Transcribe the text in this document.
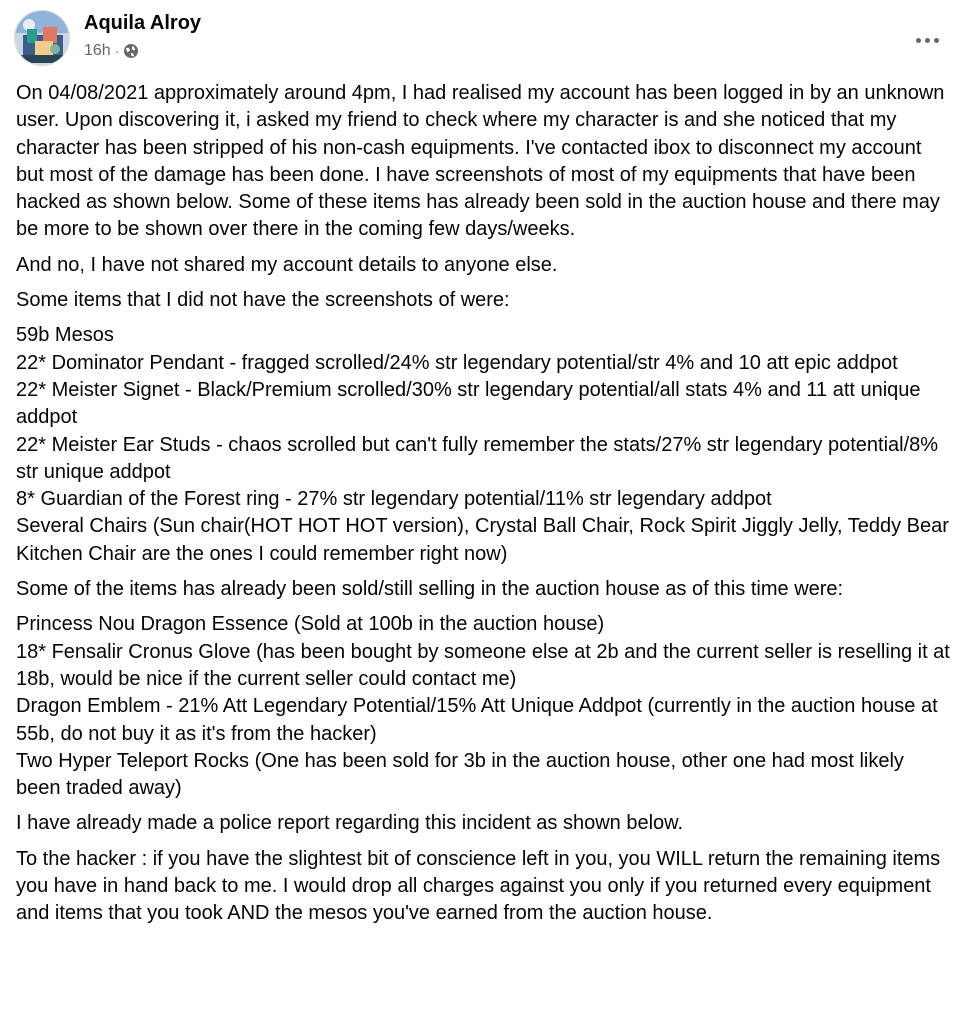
Aquila Alroy
16h ·

On 04/08/2021 approximately around 4pm, I had realised my account has been logged in by an unknown user. Upon discovering it, i asked my friend to check where my character is and she noticed that my character has been stripped of his non-cash equipments. I've contacted ibox to disconnect my account but most of the damage has been done. I have screenshots of most of my equipments that have been hacked as shown below. Some of these items has already been sold in the auction house and there may be more to be shown over there in the coming few days/weeks.

And no, I have not shared my account details to anyone else.

Some items that I did not have the screenshots of were:

59b Mesos
22* Dominator Pendant - fragged scrolled/24% str legendary potential/str 4% and 10 att epic addpot
22* Meister Signet - Black/Premium scrolled/30% str legendary potential/all stats 4% and 11 att unique addpot
22* Meister Ear Studs - chaos scrolled but can't fully remember the stats/27% str legendary potential/8% str unique addpot
8* Guardian of the Forest ring - 27% str legendary potential/11% str legendary addpot
Several Chairs (Sun chair(HOT HOT HOT version), Crystal Ball Chair, Rock Spirit Jiggly Jelly, Teddy Bear Kitchen Chair are the ones I could remember right now)

Some of the items has already been sold/still selling in the auction house as of this time were:

Princess Nou Dragon Essence (Sold at 100b in the auction house)
18* Fensalir Cronus Glove (has been bought by someone else at 2b and the current seller is reselling it at 18b, would be nice if the current seller could contact me)
Dragon Emblem - 21% Att Legendary Potential/15% Att Unique Addpot (currently in the auction house at 55b, do not buy it as it's from the hacker)
Two Hyper Teleport Rocks (One has been sold for 3b in the auction house, other one had most likely been traded away)

I have already made a police report regarding this incident as shown below.

To the hacker : if you have the slightest bit of conscience left in you, you WILL return the remaining items you have in hand back to me. I would drop all charges against you only if you returned every equipment and items that you took AND the mesos you've earned from the auction house.
